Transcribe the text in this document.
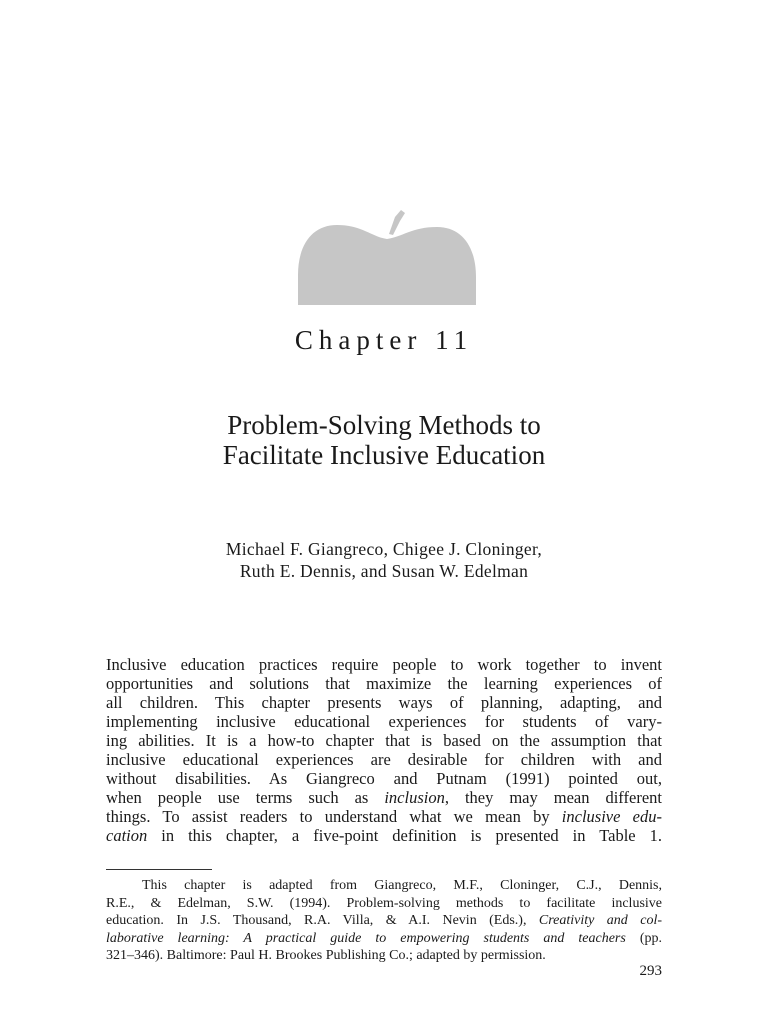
Chapter 11
Problem-Solving Methods to
Facilitate Inclusive Education
Michael F. Giangreco, Chigee J. Cloninger,
Ruth E. Dennis, and Susan W. Edelman
Inclusive education practices require people to work together to invent
opportunities and solutions that maximize the learning experiences of
all children. This chapter presents ways of planning, adapting, and
implementing inclusive educational experiences for students of vary-
ing abilities. It is a how-to chapter that is based on the assumption that
inclusive educational experiences are desirable for children with and
without disabilities. As Giangreco and Putnam (1991) pointed out,
when people use terms such as inclusion, they may mean different
things. To assist readers to understand what we mean by inclusive edu-
cation in this chapter, a five-point definition is presented in Table 1.
This chapter is adapted from Giangreco, M.F., Cloninger, C.J., Dennis,
R.E., & Edelman, S.W. (1994). Problem-solving methods to facilitate inclusive
education. In J.S. Thousand, R.A. Villa, & A.I. Nevin (Eds.), Creativity and col-
laborative learning: A practical guide to empowering students and teachers (pp.
321–346). Baltimore: Paul H. Brookes Publishing Co.; adapted by permission.
293
